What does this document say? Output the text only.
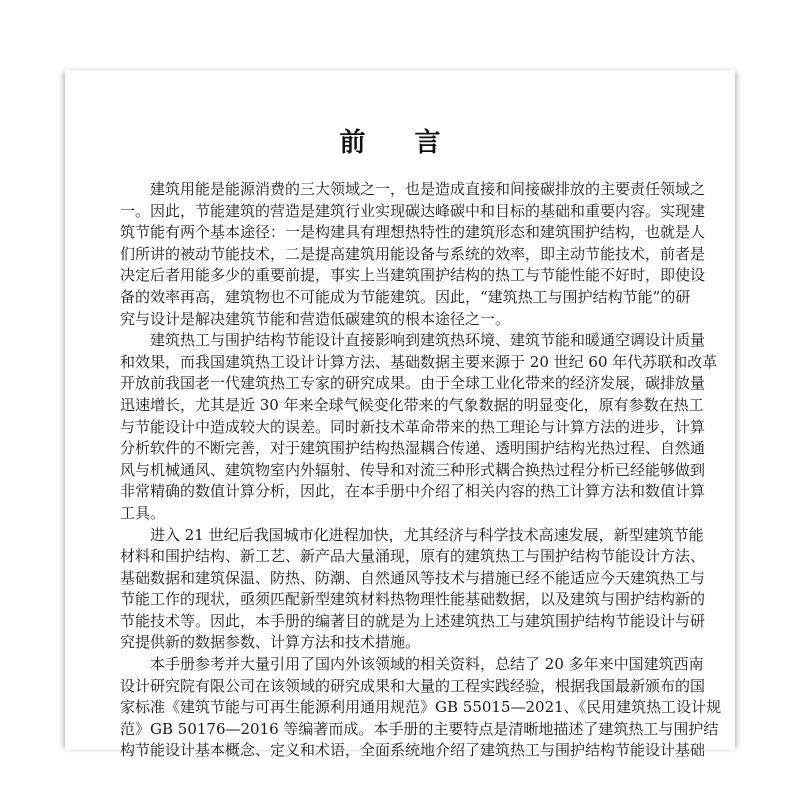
前 言
建筑用能是能源消费的三大领域之一，也是造成直接和间接碳排放的主要责任领域之
一。因此，节能建筑的营造是建筑行业实现碳达峰碳中和目标的基础和重要内容。实现建
筑节能有两个基本途径：一是构建具有理想热特性的建筑形态和建筑围护结构，也就是人
们所讲的被动节能技术，二是提高建筑用能设备与系统的效率，即主动节能技术，前者是
决定后者用能多少的重要前提，事实上当建筑围护结构的热工与节能性能不好时，即使设
备的效率再高，建筑物也不可能成为节能建筑。因此，“建筑热工与围护结构节能”的研
究与设计是解决建筑节能和营造低碳建筑的根本途径之一。
建筑热工与围护结构节能设计直接影响到建筑热环境、建筑节能和暖通空调设计质量
和效果，而我国建筑热工设计计算方法、基础数据主要来源于 20 世纪 60 年代苏联和改革
开放前我国老一代建筑热工专家的研究成果。由于全球工业化带来的经济发展，碳排放量
迅速增长，尤其是近 30 年来全球气候变化带来的气象数据的明显变化，原有参数在热工
与节能设计中造成较大的误差。同时新技术革命带来的热工理论与计算方法的进步，计算
分析软件的不断完善，对于建筑围护结构热湿耦合传递、透明围护结构光热过程、自然通
风与机械通风、建筑物室内外辐射、传导和对流三种形式耦合换热过程分析已经能够做到
非常精确的数值计算分析，因此，在本手册中介绍了相关内容的热工计算方法和数值计算
工具。
进入 21 世纪后我国城市化进程加快，尤其经济与科学技术高速发展，新型建筑节能
材料和围护结构、新工艺、新产品大量涌现，原有的建筑热工与围护结构节能设计方法、
基础数据和建筑保温、防热、防潮、自然通风等技术与措施已经不能适应今天建筑热工与
节能工作的现状，亟须匹配新型建筑材料热物理性能基础数据，以及建筑与围护结构新的
节能技术等。因此，本手册的编著目的就是为上述建筑热工与建筑围护结构节能设计与研
究提供新的数据参数、计算方法和技术措施。
本手册参考并大量引用了国内外该领域的相关资料，总结了 20 多年来中国建筑西南
设计研究院有限公司在该领域的研究成果和大量的工程实践经验，根据我国最新颁布的国
家标准《建筑节能与可再生能源利用通用规范》GB 55015—2021、《民用建筑热工设计规
范》GB 50176—2016 等编著而成。本手册的主要特点是清晰地描述了建筑热工与围护结
构节能设计基本概念、定义和术语，全面系统地介绍了建筑热工与围护结构节能设计基础
